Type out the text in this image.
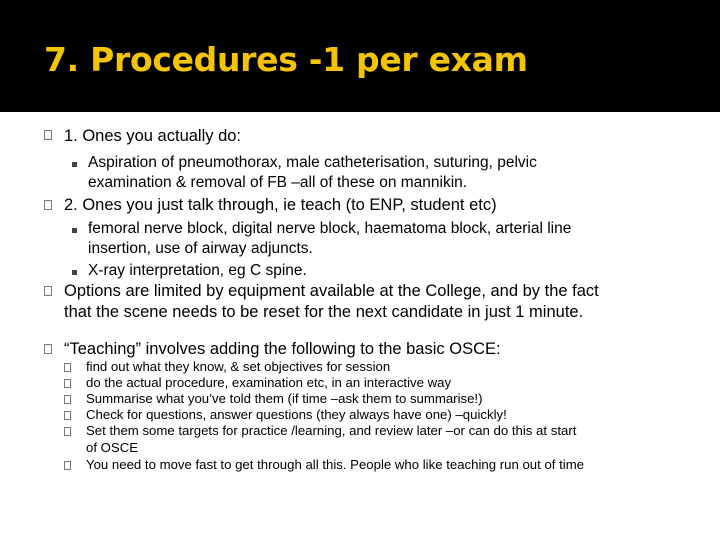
7. Procedures -1 per exam
1. Ones you actually do:
Aspiration of pneumothorax, male catheterisation, suturing, pelvic
examination & removal of FB –all of these on mannikin.
2. Ones you just talk through, ie teach (to ENP, student etc)
femoral nerve block, digital nerve block, haematoma block, arterial line
insertion, use of airway adjuncts.
X-ray interpretation, eg C spine.
Options are limited by equipment available at the College, and by the fact
that the scene needs to be reset for the next candidate in just 1 minute.
“Teaching” involves adding the following to the basic OSCE:
find out what they know, & set objectives for session
do the actual procedure, examination etc, in an interactive way
Summarise what you’ve told them (if time –ask them to summarise!)
Check for questions, answer questions (they always have one) –quickly!
Set them some targets for practice /learning, and review later –or can do this at start
of OSCE
You need to move fast to get through all this. People who like teaching run out of time
